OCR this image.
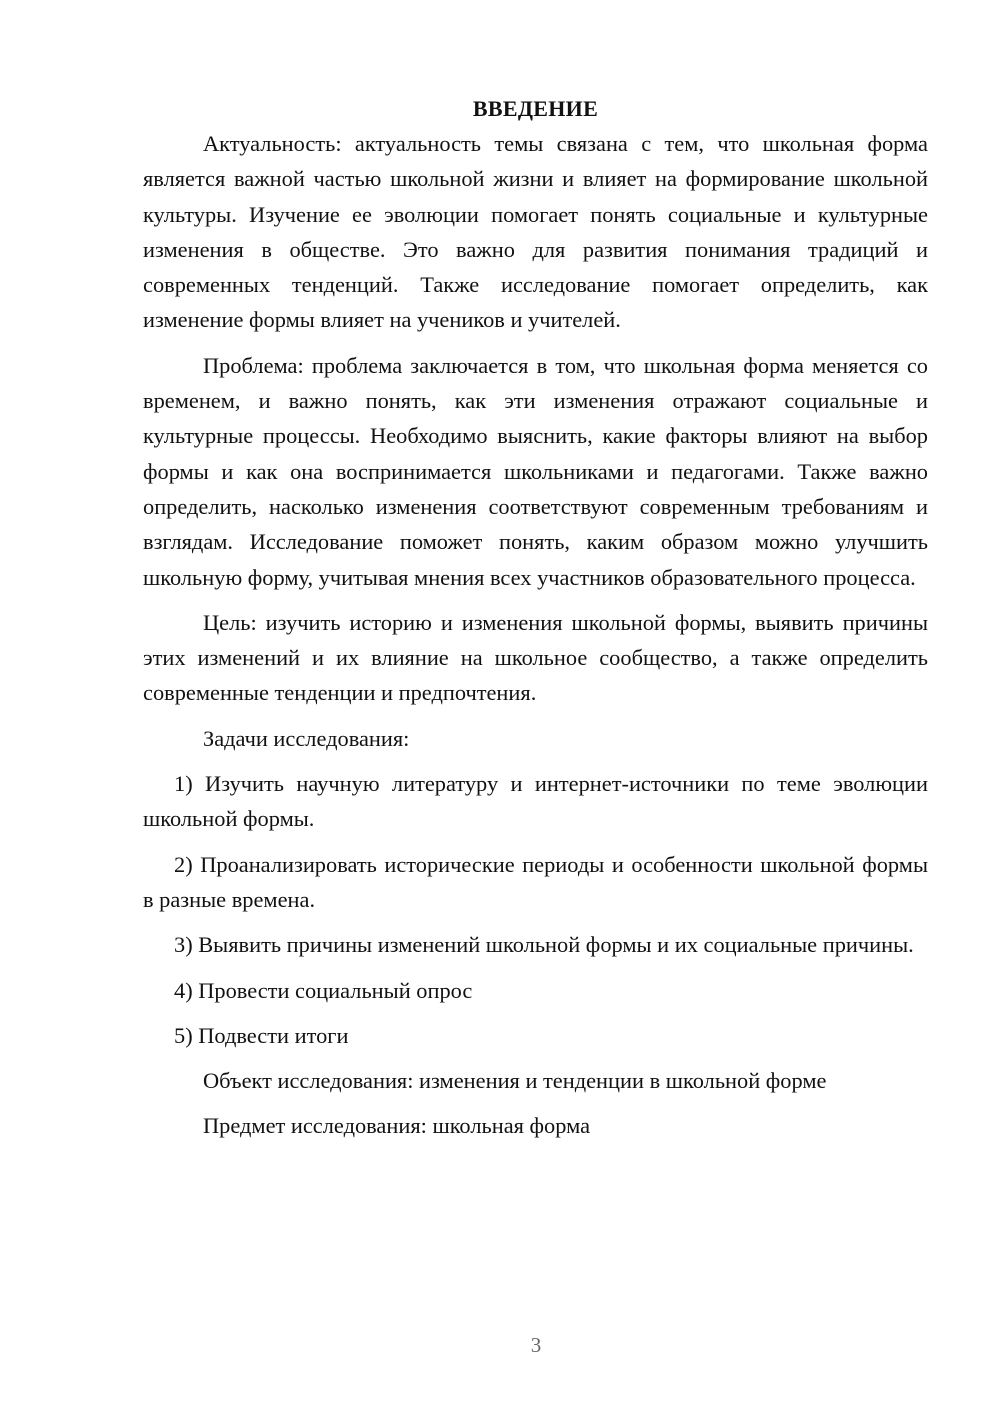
ВВЕДЕНИЕ

Актуальность: актуальность темы связана с тем, что школьная форма является важной частью школьной жизни и влияет на формирование школьной культуры. Изучение ее эволюции помогает понять социальные и культурные изменения в обществе. Это важно для развития понимания традиций и современных тенденций. Также исследование помогает определить, как изменение формы влияет на учеников и учителей.

Проблема: проблема заключается в том, что школьная форма меняется со временем, и важно понять, как эти изменения отражают социальные и культурные процессы. Необходимо выяснить, какие факторы влияют на выбор формы и как она воспринимается школьниками и педагогами. Также важно определить, насколько изменения соответствуют современным требованиям и взглядам. Исследование поможет понять, каким образом можно улучшить школьную форму, учитывая мнения всех участников образовательного процесса.

Цель: изучить историю и изменения школьной формы, выявить причины этих изменений и их влияние на школьное сообщество, а также определить современные тенденции и предпочтения.

Задачи исследования:

1) Изучить научную литературу и интернет-источники по теме эволюции школьной формы.

2) Проанализировать исторические периоды и особенности школьной формы в разные времена.

3) Выявить причины изменений школьной формы и их социальные причины.

4) Провести социальный опрос

5) Подвести итоги

Объект исследования: изменения и тенденции в школьной форме

Предмет исследования: школьная форма

3
